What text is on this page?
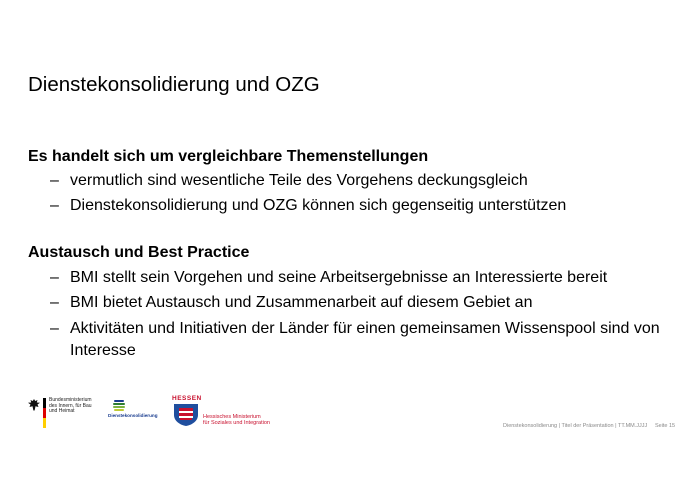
Dienstekonsolidierung und OZG

Es handelt sich um vergleichbare Themenstellungen

– vermutlich sind wesentliche Teile des Vorgehens deckungsgleich
– Dienstekonsolidierung und OZG können sich gegenseitig unterstützen

Austausch und Best Practice

– BMI stellt sein Vorgehen und seine Arbeitsergebnisse an Interessierte bereit
– BMI bietet Austausch und Zusammenarbeit auf diesem Gebiet an
– Aktivitäten und Initiativen der Länder für einen gemeinsamen Wissenspool sind von Interesse
Bundesministerium des Innern, für Bau und Heimat
Dienstekonsolidierung
HESSEN
Hessisches Ministerium
für Soziales und Integration	Dienstekonsolidierung | Titel der Präsentation | TT.MM.JJJJ Seite 15
